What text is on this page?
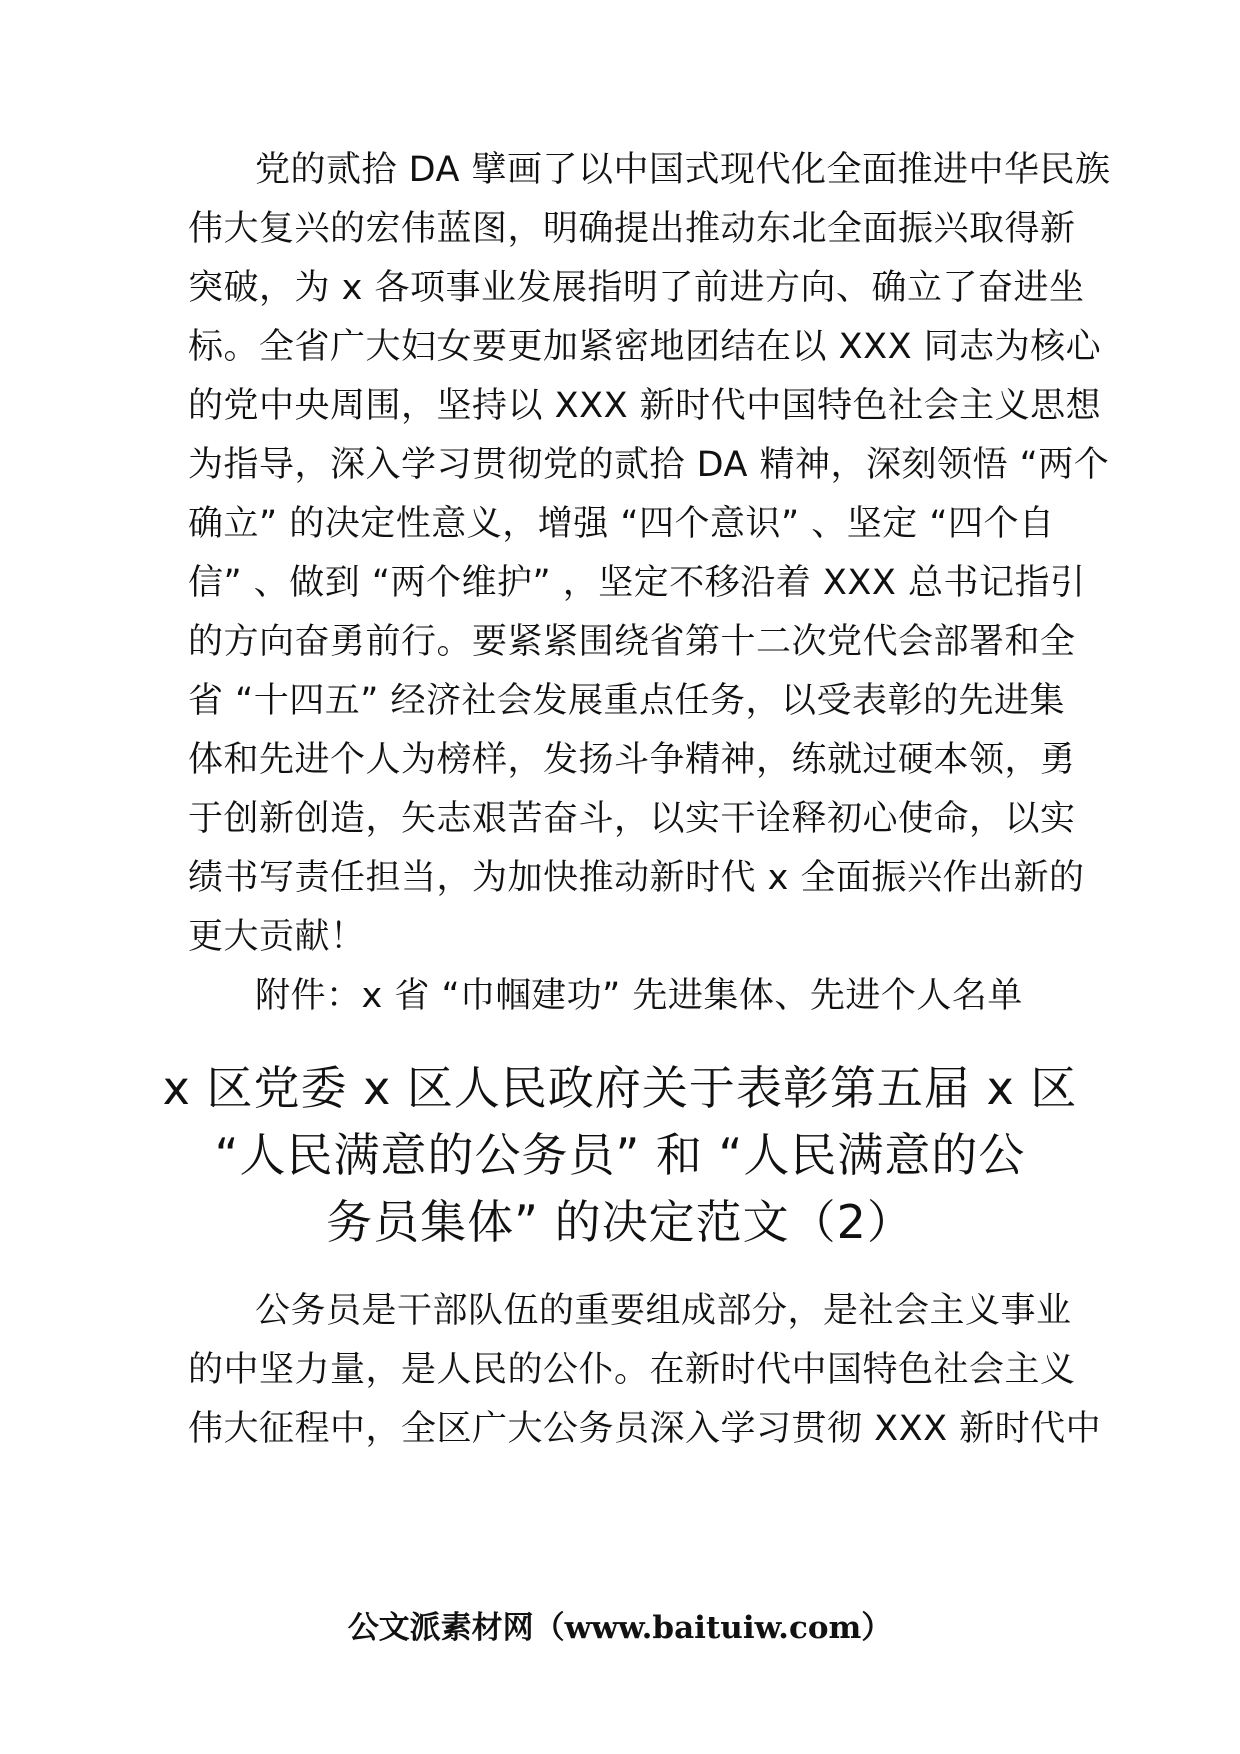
党的贰拾 DA 擘画了以中国式现代化全面推进中华民族
伟大复兴的宏伟蓝图，明确提出推动东北全面振兴取得新
突破，为 x 各项事业发展指明了前进方向、确立了奋进坐
标。全省广大妇女要更加紧密地团结在以 XXX 同志为核心
的党中央周围，坚持以 XXX 新时代中国特色社会主义思想
为指导，深入学习贯彻党的贰拾 DA 精神，深刻领悟 “两个
确立” 的决定性意义，增强 “四个意识” 、坚定 “四个自
信” 、做到 “两个维护” ，坚定不移沿着 XXX 总书记指引
的方向奋勇前行。要紧紧围绕省第十二次党代会部署和全
省 “十四五” 经济社会发展重点任务，以受表彰的先进集
体和先进个人为榜样，发扬斗争精神，练就过硬本领，勇
于创新创造，矢志艰苦奋斗，以实干诠释初心使命，以实
绩书写责任担当，为加快推动新时代 x 全面振兴作出新的
更大贡献！
附件：x 省 “巾帼建功” 先进集体、先进个人名单
x 区党委 x 区人民政府关于表彰第五届 x 区
“人民满意的公务员” 和 “人民满意的公
务员集体” 的决定范文（2）
公务员是干部队伍的重要组成部分，是社会主义事业
的中坚力量，是人民的公仆。在新时代中国特色社会主义
伟大征程中，全区广大公务员深入学习贯彻 XXX 新时代中
公文派素材网（www.baituiw.com）
